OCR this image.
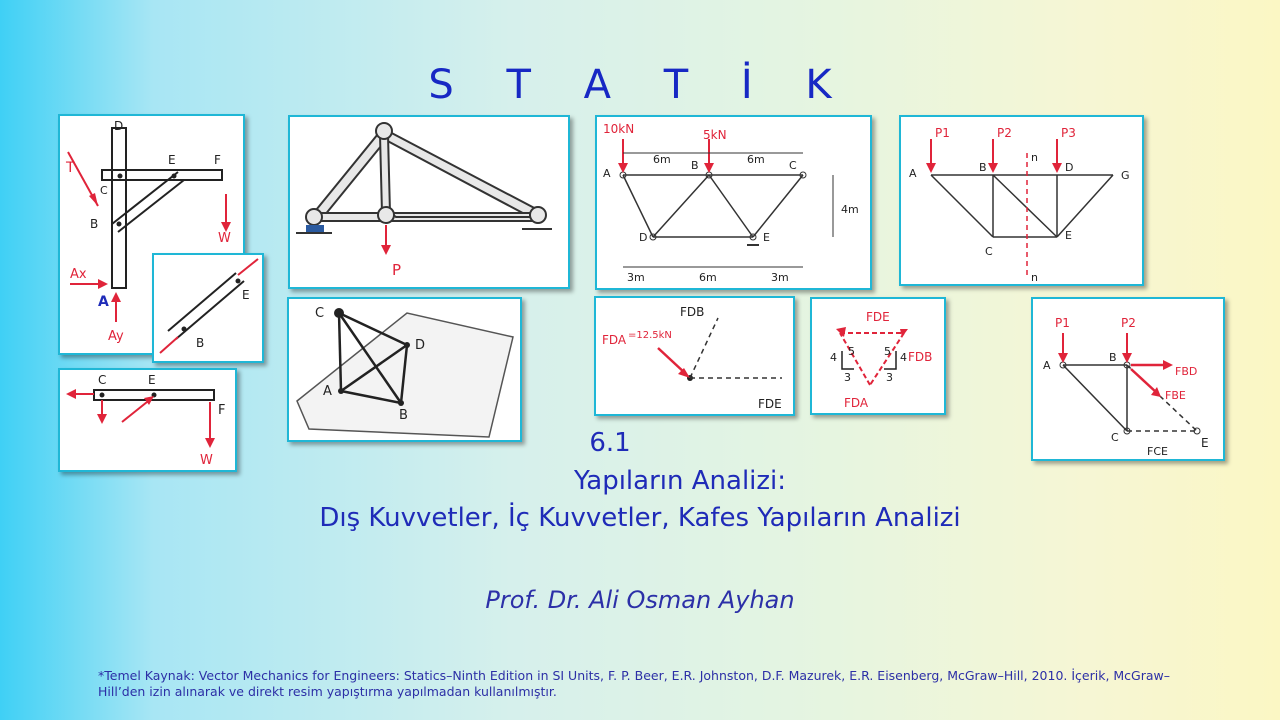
S T A T İ K
D
T	E	F
C
B
W
Ax
A
Ay
E
B
C	E
F
W
P
C
D
A
B
10kN	5kN
A
B	C
D	E
6m	6m
4m
3m	6m	3m
P1	P2	P3
A	B	D
G
C
E
n
n
FDB
FDA =12.5kN
FDE
FDE
FDB
FDA
4 5
3
5 4
3
P1	P2
A
B
FBD
FBE
C	E
FCE
6.1
Yapıların Analizi:
Dış Kuvvetler, İç Kuvvetler, Kafes Yapıların Analizi
Prof. Dr. Ali Osman Ayhan
*Temel Kaynak: Vector Mechanics for Engineers: Statics–Ninth Edition in SI Units, F. P. Beer, E.R. Johnston, D.F. Mazurek, E.R. Eisenberg, McGraw–Hill, 2010. İçerik, McGraw–Hill’den izin alınarak ve direkt resim yapıştırma yapılmadan kullanılmıştır.
